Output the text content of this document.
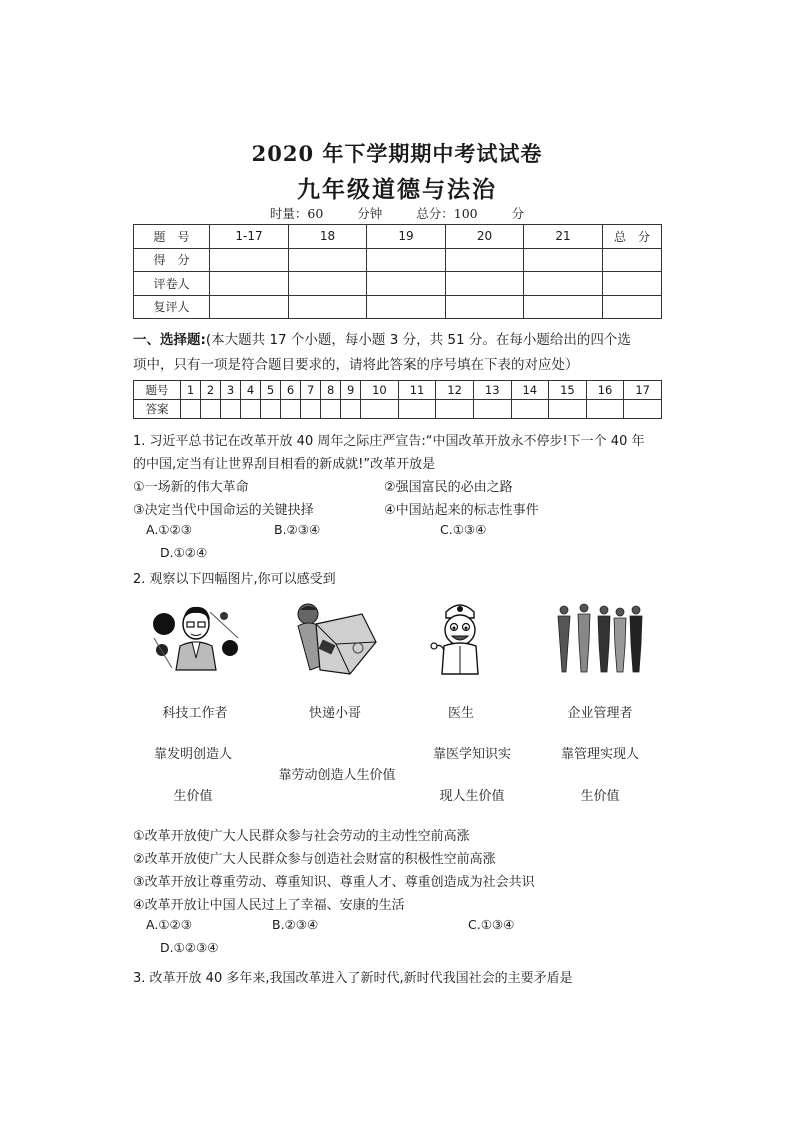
2020 年下学期期中考试试卷
九年级道德与法治
时量：60 分钟	总分：100 分
题　号	1-17	18	19	20	21	总　分
得　分						
评卷人						
复评人						
一、选择题:(本大题共 17 个小题，每小题 3 分，共 51 分。在每小题给出的四个选
项中，只有一项是符合题目要求的，请将此答案的序号填在下表的对应处）
题号	1	2	3	4	5	6	7	8	9	10	11	12	13	14	15	16	17
答案																	
1. 习近平总书记在改革开放 40 周年之际庄严宣告:“中国改革开放永不停步!下一个 40 年
的中国,定当有让世界刮目相看的新成就!”改革开放是
①一场新的伟大革命	②强国富民的必由之路
③决定当代中国命运的关键抉择	④中国站起来的标志性事件
A.①②③	B.②③④	C.①③④
D.①②④
2. 观察以下四幅图片,你可以感受到
科技工作者	快递小哥	医生	企业管理者
靠发明创造人
生价值
靠劳动创造人生价值
靠医学知识实
现人生价值
靠管理实现人
生价值
①改革开放使广大人民群众参与社会劳动的主动性空前高涨
②改革开放使广大人民群众参与创造社会财富的积极性空前高涨
③改革开放让尊重劳动、尊重知识、尊重人才、尊重创造成为社会共识
④改革开放让中国人民过上了幸福、安康的生活
A.①②③	B.②③④	C.①③④
D.①②③④
3. 改革开放 40 多年来,我国改革进入了新时代,新时代我国社会的主要矛盾是
